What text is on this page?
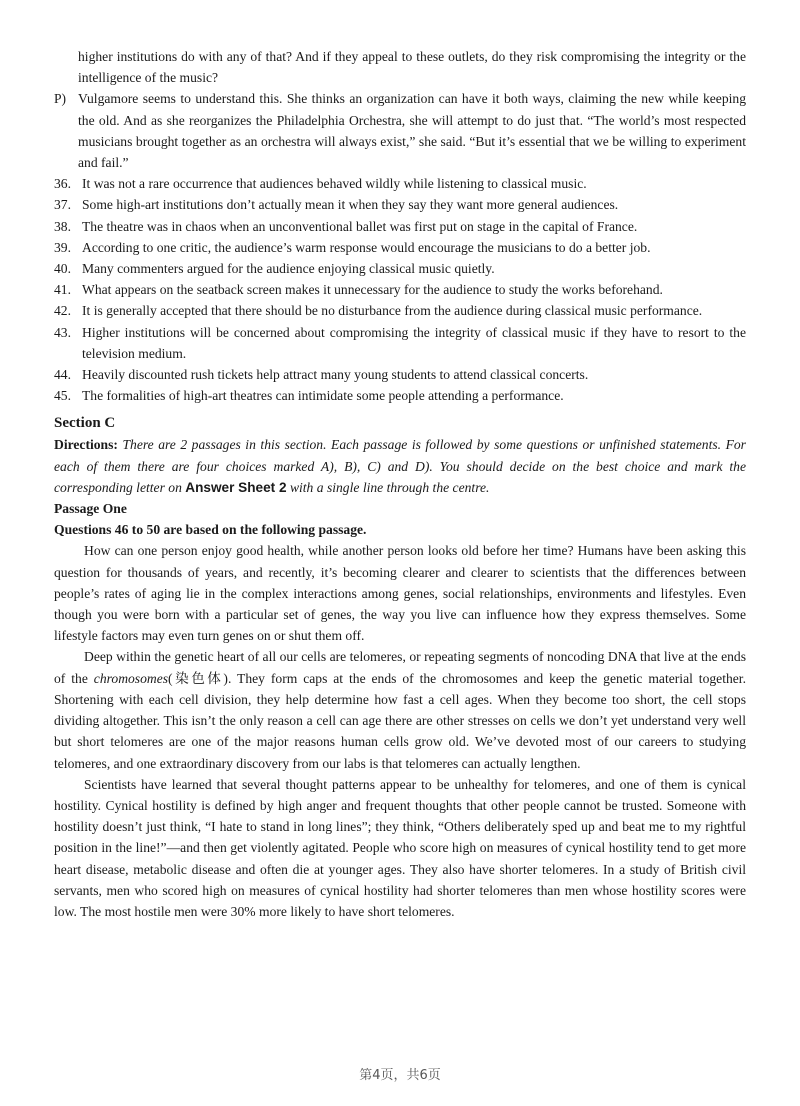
higher institutions do with any of that? And if they appeal to these outlets, do they risk compromising the integrity or the intelligence of the music?
P) Vulgamore seems to understand this. She thinks an organization can have it both ways, claiming the new while keeping the old. And as she reorganizes the Philadelphia Orchestra, she will attempt to do just that. “The world’s most respected musicians brought together as an orchestra will always exist,” she said. “But it’s essential that we be willing to experiment and fail.”
36. It was not a rare occurrence that audiences behaved wildly while listening to classical music.
37. Some high-art institutions don’t actually mean it when they say they want more general audiences.
38. The theatre was in chaos when an unconventional ballet was first put on stage in the capital of France.
39. According to one critic, the audience’s warm response would encourage the musicians to do a better job.
40. Many commenters argued for the audience enjoying classical music quietly.
41. What appears on the seatback screen makes it unnecessary for the audience to study the works beforehand.
42. It is generally accepted that there should be no disturbance from the audience during classical music performance.
43. Higher institutions will be concerned about compromising the integrity of classical music if they have to resort to the television medium.
44. Heavily discounted rush tickets help attract many young students to attend classical concerts.
45. The formalities of high-art theatres can intimidate some people attending a performance.
Section C
Directions: There are 2 passages in this section. Each passage is followed by some questions or unfinished statements. For each of them there are four choices marked A), B), C) and D). You should decide on the best choice and mark the corresponding letter on Answer Sheet 2 with a single line through the centre.
Passage One
Questions 46 to 50 are based on the following passage.
How can one person enjoy good health, while another person looks old before her time? Humans have been asking this question for thousands of years, and recently, it’s becoming clearer and clearer to scientists that the differences between people’s rates of aging lie in the complex interactions among genes, social relationships, environments and lifestyles. Even though you were born with a particular set of genes, the way you live can influence how they express themselves. Some lifestyle factors may even turn genes on or shut them off.
Deep within the genetic heart of all our cells are telomeres, or repeating segments of noncoding DNA that live at the ends of the chromosomes(染色体). They form caps at the ends of the chromosomes and keep the genetic material together. Shortening with each cell division, they help determine how fast a cell ages. When they become too short, the cell stops dividing altogether. This isn’t the only reason a cell can age there are other stresses on cells we don’t yet understand very well but short telomeres are one of the major reasons human cells grow old. We’ve devoted most of our careers to studying telomeres, and one extraordinary discovery from our labs is that telomeres can actually lengthen.
Scientists have learned that several thought patterns appear to be unhealthy for telomeres, and one of them is cynical hostility. Cynical hostility is defined by high anger and frequent thoughts that other people cannot be trusted. Someone with hostility doesn’t just think, “I hate to stand in long lines”; they think, “Others deliberately sped up and beat me to my rightful position in the line!”—and then get violently agitated. People who score high on measures of cynical hostility tend to get more heart disease, metabolic disease and often die at younger ages. They also have shorter telomeres. In a study of British civil servants, men who scored high on measures of cynical hostility had shorter telomeres than men whose hostility scores were low. The most hostile men were 30% more likely to have short telomeres.
第4页，共6页
